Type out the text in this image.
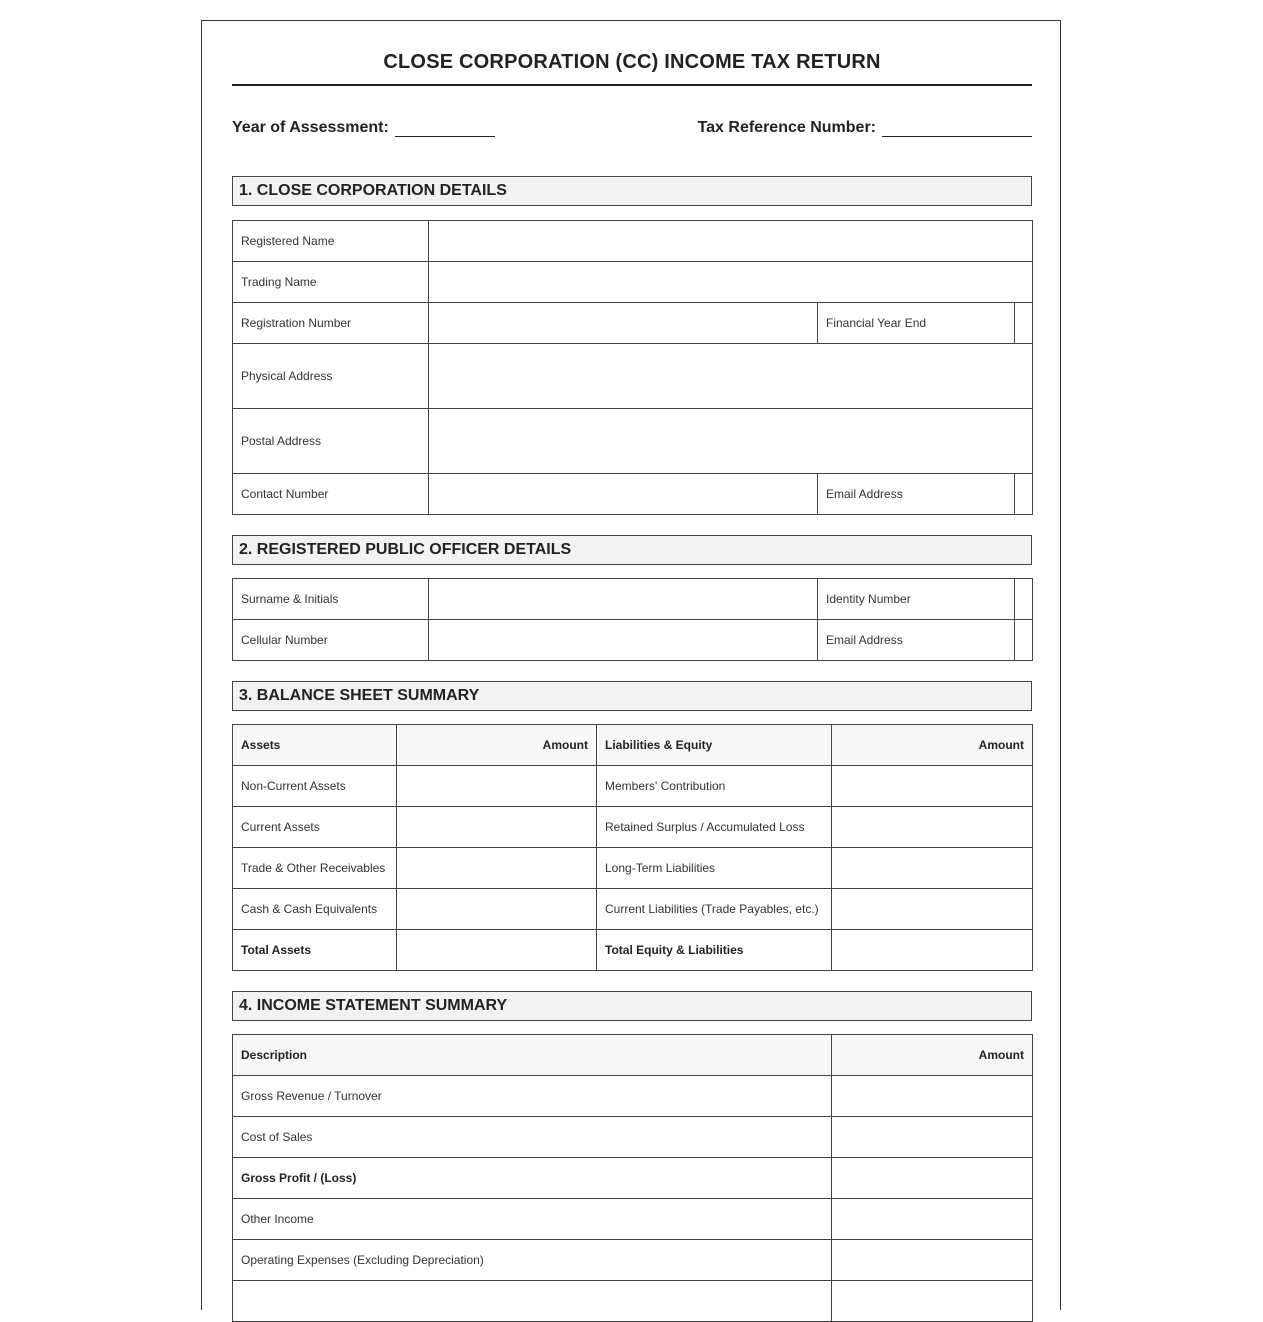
CLOSE CORPORATION (CC) INCOME TAX RETURN
Year of Assessment:	Tax Reference Number:
1. CLOSE CORPORATION DETAILS
Registered Name			
Trading Name			
Registration Number		Financial Year End	
Physical Address			
Postal Address			
Contact Number		Email Address	
2. REGISTERED PUBLIC OFFICER DETAILS
Surname & Initials		Identity Number	
Cellular Number		Email Address	
3. BALANCE SHEET SUMMARY
Assets	Amount	Liabilities & Equity	Amount
Non-Current Assets		Members' Contribution	
Current Assets		Retained Surplus / Accumulated Loss	
Trade & Other Receivables		Long-Term Liabilities	
Cash & Cash Equivalents		Current Liabilities (Trade Payables, etc.)	
Total Assets		Total Equity & Liabilities	
4. INCOME STATEMENT SUMMARY
Description	Amount
Gross Revenue / Turnover	
Cost of Sales	
Gross Profit / (Loss)	
Other Income	
Operating Expenses (Excluding Depreciation)	
